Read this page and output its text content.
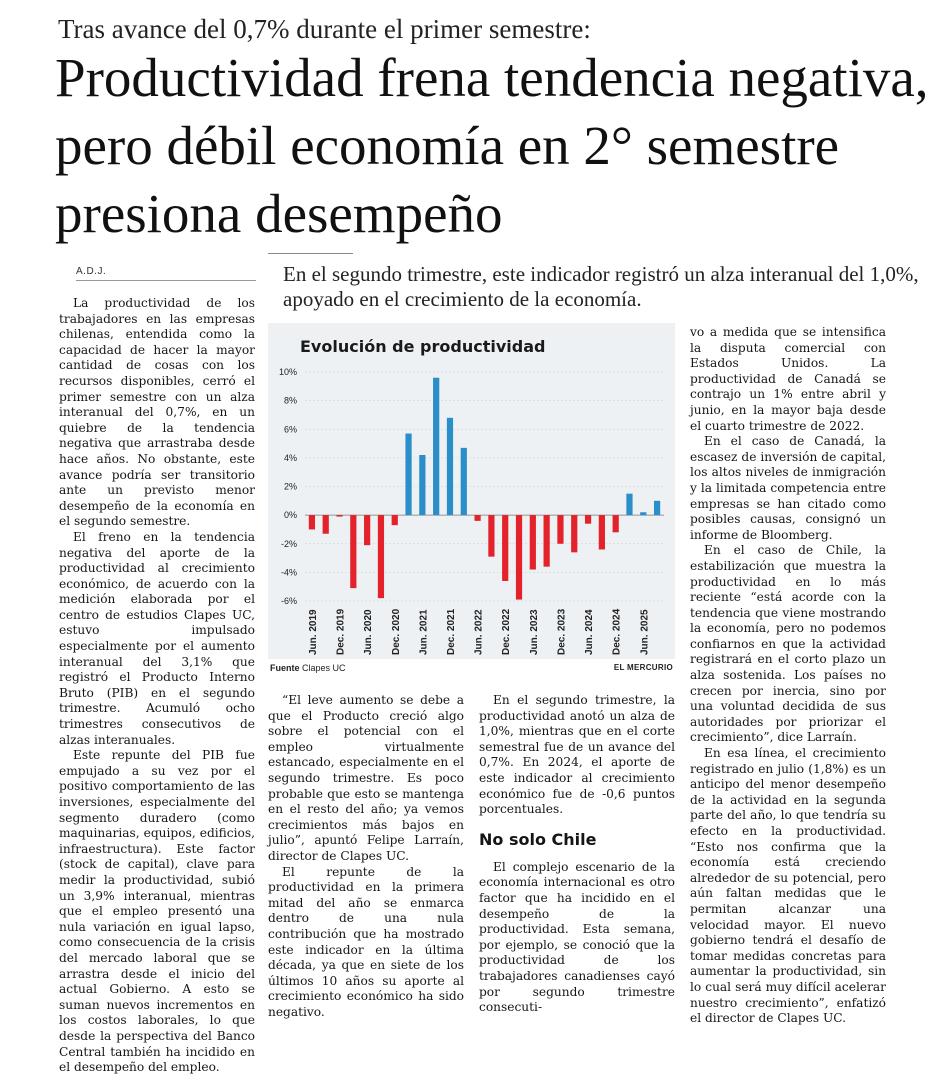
Tras avance del 0,7% durante el primer semestre:
Productividad frena tendencia negativa, pero débil economía en 2° semestre presiona desempeño
A.D.J.	En el segundo trimestre, este indicador registró un alza interanual del 1,0%, apoyado en el crecimiento de la economía.

La productividad de los trabajadores en las empresas chilenas, entendida como la capacidad de hacer la mayor cantidad de cosas con los recursos disponibles, cerró el primer semestre con un alza interanual del 0,7%, en un quiebre de la tendencia negativa que arrastraba desde hace años. No obstante, este avance podría ser transitorio ante un previsto menor desempeño de la economía en el segundo semestre.

El freno en la tendencia negativa del aporte de la productividad al crecimiento económico, de acuerdo con la medición elaborada por el centro de estudios Clapes UC, estuvo impulsado especialmente por el aumento interanual del 3,1% que registró el Producto Interno Bruto (PIB) en el segundo trimestre. Acumuló ocho trimestres consecutivos de alzas interanuales.

Este repunte del PIB fue empujado a su vez por el positivo comportamiento de las inversiones, especialmente del segmento duradero (como maquinarias, equipos, edificios, infraestructura). Este factor (stock de capital), clave para medir la productividad, subió un 3,9% interanual, mientras que el empleo presentó una nula variación en igual lapso, como consecuencia de la crisis del mercado laboral que se arrastra desde el inicio del actual Gobierno. A esto se suman nuevos incrementos en los costos laborales, lo que desde la perspectiva del Banco Central también ha incidido en el desempeño del empleo.

10%
8%
6%
4%
2%
0%
-2%
-4%
-6%
Jun. 2019 Dec. 2019 Jun. 2020 Dec. 2020 Jun. 2021 Dec. 2021 Jun. 2022 Dec. 2022 Jun. 2023 Dec. 2023 Jun. 2024 Dec. 2024 Jun. 2025
Evolución de productividad
Fuente Clapes UC	EL MERCURIO

“El leve aumento se debe a que el Producto creció algo sobre el potencial con el empleo virtualmente estancado, especialmente en el segundo trimestre. Es poco probable que esto se mantenga en el resto del año; ya vemos crecimientos más bajos en julio”, apuntó Felipe Larraín, director de Clapes UC.

El repunte de la productividad en la primera mitad del año se enmarca dentro de una nula contribución que ha mostrado este indicador en la última década, ya que en siete de los últimos 10 años su aporte al crecimiento económico ha sido negativo.

En el segundo trimestre, la productividad anotó un alza de 1,0%, mientras que en el corte semestral fue de un avance del 0,7%. En 2024, el aporte de este indicador al crecimiento económico fue de -0,6 puntos porcentuales.

No solo Chile

El complejo escenario de la economía internacional es otro factor que ha incidido en el desempeño de la productividad. Esta semana, por ejemplo, se conoció que la productividad de los trabajadores canadienses cayó por segundo trimestre consecuti-

vo a medida que se intensifica la disputa comercial con Estados Unidos. La productividad de Canadá se contrajo un 1% entre abril y junio, en la mayor baja desde el cuarto trimestre de 2022.

En el caso de Canadá, la escasez de inversión de capital, los altos niveles de inmigración y la limitada competencia entre empresas se han citado como posibles causas, consignó un informe de Bloomberg.

En el caso de Chile, la estabilización que muestra la productividad en lo más reciente “está acorde con la tendencia que viene mostrando la economía, pero no podemos confiarnos en que la actividad registrará en el corto plazo un alza sostenida. Los países no crecen por inercia, sino por una voluntad decidida de sus autoridades por priorizar el crecimiento”, dice Larraín.

En esa línea, el crecimiento registrado en julio (1,8%) es un anticipo del menor desempeño de la actividad en la segunda parte del año, lo que tendría su efecto en la productividad. “Esto nos confirma que la economía está creciendo alrededor de su potencial, pero aún faltan medidas que le permitan alcanzar una velocidad mayor. El nuevo gobierno tendrá el desafío de tomar medidas concretas para aumentar la productividad, sin lo cual será muy difícil acelerar nuestro crecimiento”, enfatizó el director de Clapes UC.
